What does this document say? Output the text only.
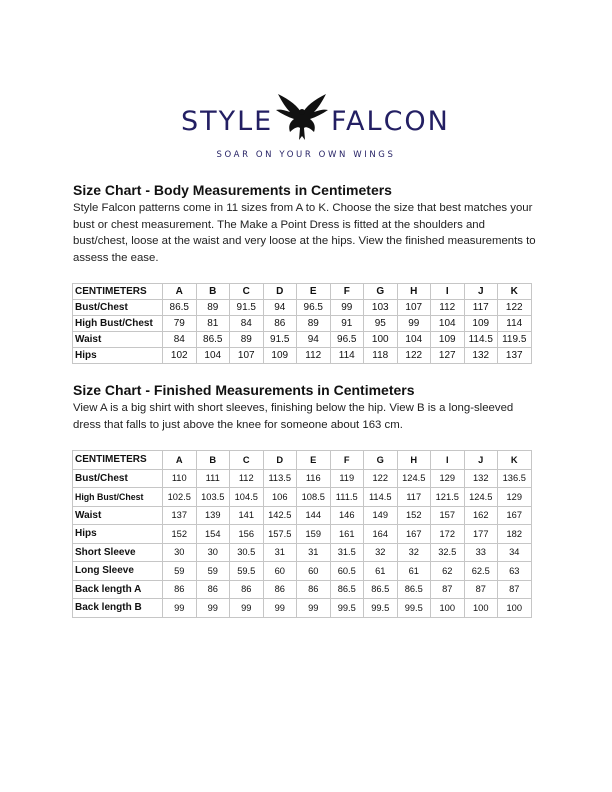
STYLE FALCON
SOAR ON YOUR OWN WINGS
Size Chart - Body Measurements in Centimeters

Style Falcon patterns come in 11 sizes from A to K. Choose the size that best matches your bust or chest measurement. The Make a Point Dress is fitted at the shoulders and bust/chest, loose at the waist and very loose at the hips. View the finished measurements to assess the ease.

CENTIMETERS	A	B	C	D	E	F	G	H	I	J	K
Bust/Chest	86.5	89	91.5	94	96.5	99	103	107	112	117	122
High Bust/Chest	79	81	84	86	89	91	95	99	104	109	114
Waist	84	86.5	89	91.5	94	96.5	100	104	109	114.5	119.5
Hips	102	104	107	109	112	114	118	122	127	132	137
Size Chart - Finished Measurements in Centimeters

View A is a big shirt with short sleeves, finishing below the hip. View B is a long-sleeved dress that falls to just above the knee for someone about 163 cm.

CENTIMETERS	A	B	C	D	E	F	G	H	I	J	K
Bust/Chest	110	111	112	113.5	116	119	122	124.5	129	132	136.5
High Bust/Chest	102.5	103.5	104.5	106	108.5	111.5	114.5	117	121.5	124.5	129
Waist	137	139	141	142.5	144	146	149	152	157	162	167
Hips	152	154	156	157.5	159	161	164	167	172	177	182
Short Sleeve	30	30	30.5	31	31	31.5	32	32	32.5	33	34
Long Sleeve	59	59	59.5	60	60	60.5	61	61	62	62.5	63
Back length A	86	86	86	86	86	86.5	86.5	86.5	87	87	87
Back length B	99	99	99	99	99	99.5	99.5	99.5	100	100	100
